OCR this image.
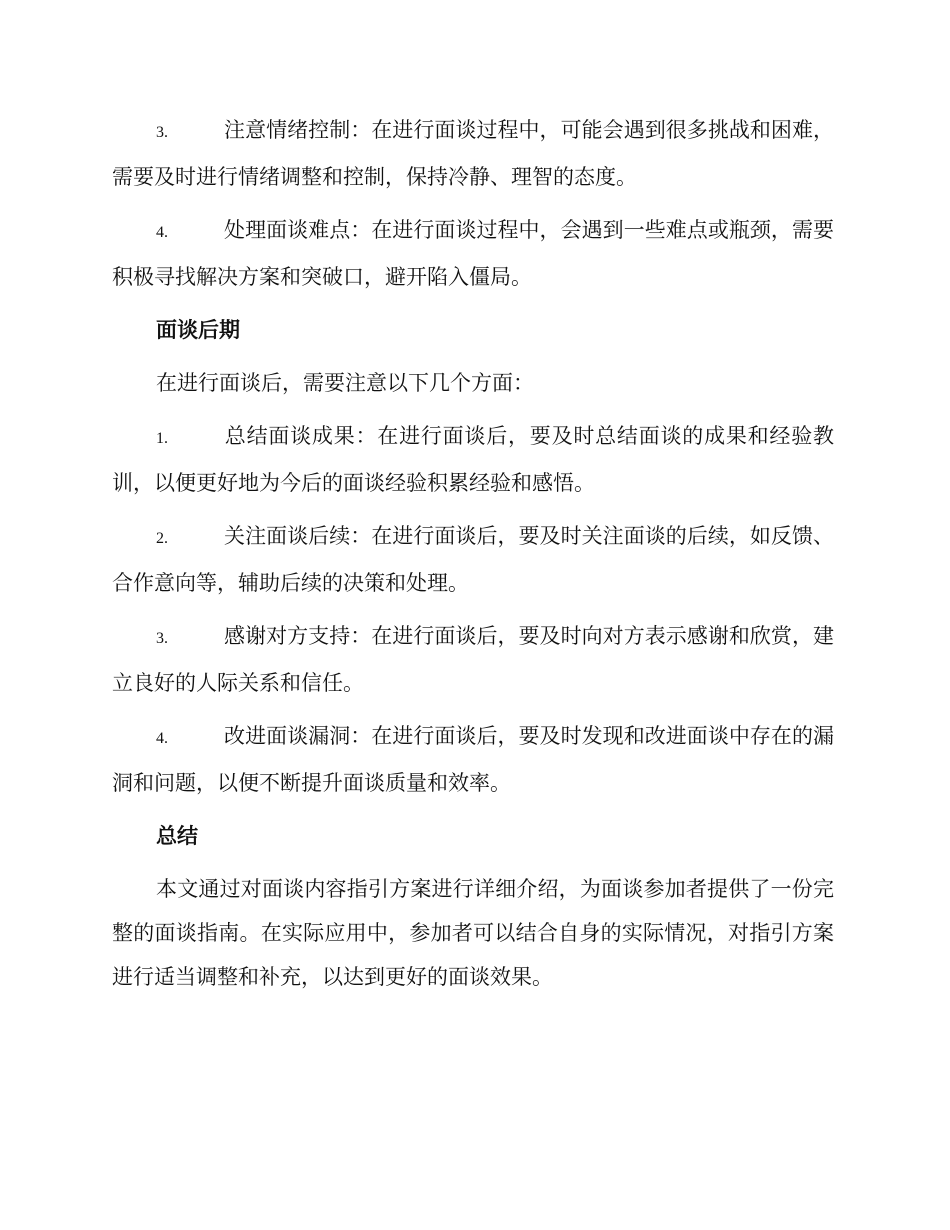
3.	注意情绪控制：在进行面谈过程中，可能会遇到很多挑战和困难，需要及时进行情绪调整和控制，保持冷静、理智的态度。

4.	处理面谈难点：在进行面谈过程中，会遇到一些难点或瓶颈，需要积极寻找解决方案和突破口，避开陷入僵局。

面谈后期

在进行面谈后，需要注意以下几个方面：

1.	总结面谈成果：在进行面谈后，要及时总结面谈的成果和经验教训，以便更好地为今后的面谈经验积累经验和感悟。

2.	关注面谈后续：在进行面谈后，要及时关注面谈的后续，如反馈、合作意向等，辅助后续的决策和处理。

3.	感谢对方支持：在进行面谈后，要及时向对方表示感谢和欣赏，建立良好的人际关系和信任。

4.	改进面谈漏洞：在进行面谈后，要及时发现和改进面谈中存在的漏洞和问题，以便不断提升面谈质量和效率。

总结

本文通过对面谈内容指引方案进行详细介绍，为面谈参加者提供了一份完整的面谈指南。在实际应用中，参加者可以结合自身的实际情况，对指引方案进行适当调整和补充，以达到更好的面谈效果。
